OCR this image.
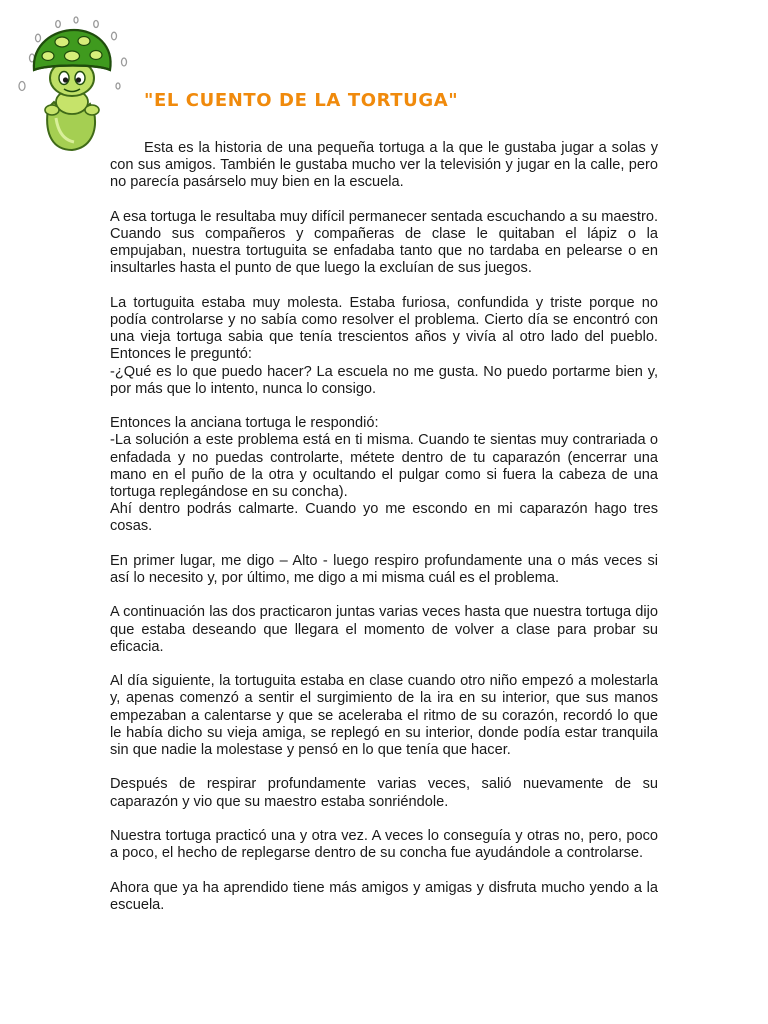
"EL CUENTO DE LA TORTUGA"

Esta es la historia de una pequeña tortuga a la que le gustaba jugar a solas y con sus amigos. También le gustaba mucho ver la televisión y jugar en la calle, pero no parecía pasárselo muy bien en la escuela.

A esa tortuga le resultaba muy difícil permanecer sentada escuchando a su maestro. Cuando sus compañeros y compañeras de clase le quitaban el lápiz o la empujaban, nuestra tortuguita se enfadaba tanto que no tardaba en pelearse o en insultarles hasta el punto de que luego la excluían de sus juegos.

La tortuguita estaba muy molesta. Estaba furiosa, confundida y triste porque no podía controlarse y no sabía como resolver el problema. Cierto día se encontró con una vieja tortuga sabia que tenía trescientos años y vivía al otro lado del pueblo. Entonces le preguntó:
-¿Qué es lo que puedo hacer? La escuela no me gusta. No puedo portarme bien y, por más que lo intento, nunca lo consigo.

Entonces la anciana tortuga le respondió:
-La solución a este problema está en ti misma. Cuando te sientas muy contrariada o enfadada y no puedas controlarte, métete dentro de tu caparazón (encerrar una mano en el puño de la otra y ocultando el pulgar como si fuera la cabeza de una tortuga replegándose en su concha).
Ahí dentro podrás calmarte. Cuando yo me escondo en mi caparazón hago tres cosas.

En primer lugar, me digo – Alto - luego respiro profundamente una o más veces si así lo necesito y, por último, me digo a mi misma cuál es el problema.

A continuación las dos practicaron juntas varias veces hasta que nuestra tortuga dijo que estaba deseando que llegara el momento de volver a clase para probar su eficacia.

Al día siguiente, la tortuguita estaba en clase cuando otro niño empezó a molestarla y, apenas comenzó a sentir el surgimiento de la ira en su interior, que sus manos empezaban a calentarse y que se aceleraba el ritmo de su corazón, recordó lo que le había dicho su vieja amiga, se replegó en su interior, donde podía estar tranquila sin que nadie la molestase y pensó en lo que tenía que hacer.

Después de respirar profundamente varias veces, salió nuevamente de su caparazón y vio que su maestro estaba sonriéndole.

Nuestra tortuga practicó una y otra vez. A veces lo conseguía y otras no, pero, poco a poco, el hecho de replegarse dentro de su concha fue ayudándole a controlarse.

Ahora que ya ha aprendido tiene más amigos y amigas y disfruta mucho yendo a la escuela.
